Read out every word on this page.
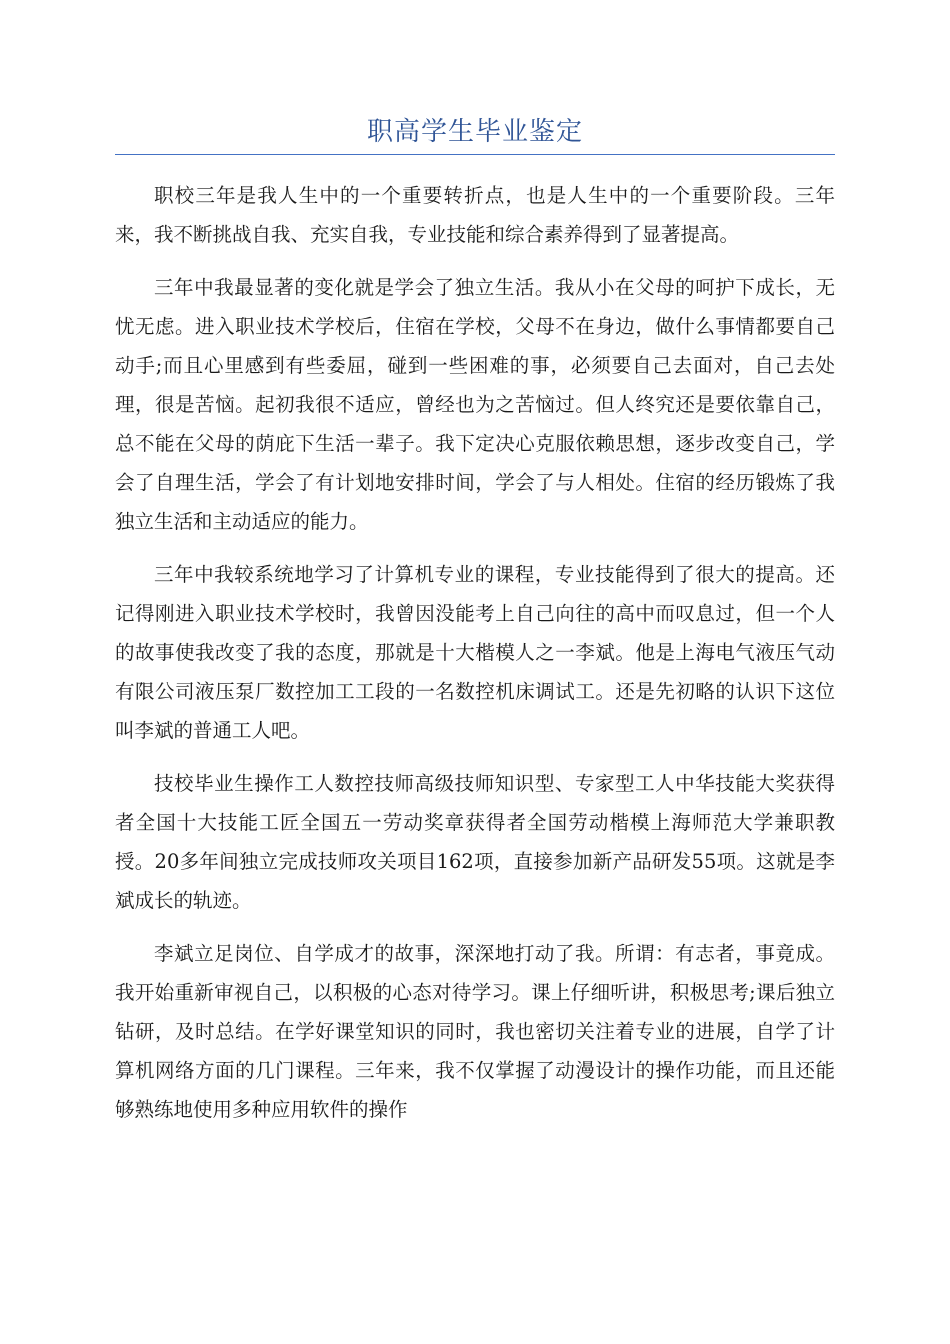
职高学生毕业鉴定

职校三年是我人生中的一个重要转折点，也是人生中的一个重要阶段。三年来，我不断挑战自我、充实自我，专业技能和综合素养得到了显著提高。

三年中我最显著的变化就是学会了独立生活。我从小在父母的呵护下成长，无忧无虑。进入职业技术学校后，住宿在学校，父母不在身边，做什么事情都要自己动手;而且心里感到有些委屈，碰到一些困难的事，必须要自己去面对，自己去处理，很是苦恼。起初我很不适应，曾经也为之苦恼过。但人终究还是要依靠自己，总不能在父母的荫庇下生活一辈子。我下定决心克服依赖思想，逐步改变自己，学会了自理生活，学会了有计划地安排时间，学会了与人相处。住宿的经历锻炼了我独立生活和主动适应的能力。

三年中我较系统地学习了计算机专业的课程，专业技能得到了很大的提高。还记得刚进入职业技术学校时，我曾因没能考上自己向往的高中而叹息过，但一个人的故事使我改变了我的态度，那就是十大楷模人之一李斌。他是上海电气液压气动有限公司液压泵厂数控加工工段的一名数控机床调试工。还是先初略的认识下这位叫李斌的普通工人吧。

技校毕业生操作工人数控技师高级技师知识型、专家型工人中华技能大奖获得者全国十大技能工匠全国五一劳动奖章获得者全国劳动楷模上海师范大学兼职教授。20多年间独立完成技师攻关项目162项，直接参加新产品研发55项。这就是李斌成长的轨迹。

李斌立足岗位、自学成才的故事，深深地打动了我。所谓：有志者，事竟成。我开始重新审视自己，以积极的心态对待学习。课上仔细听讲，积极思考;课后独立钻研，及时总结。在学好课堂知识的同时，我也密切关注着专业的进展，自学了计算机网络方面的几门课程。三年来，我不仅掌握了动漫设计的操作功能，而且还能够熟练地使用多种应用软件的操作
